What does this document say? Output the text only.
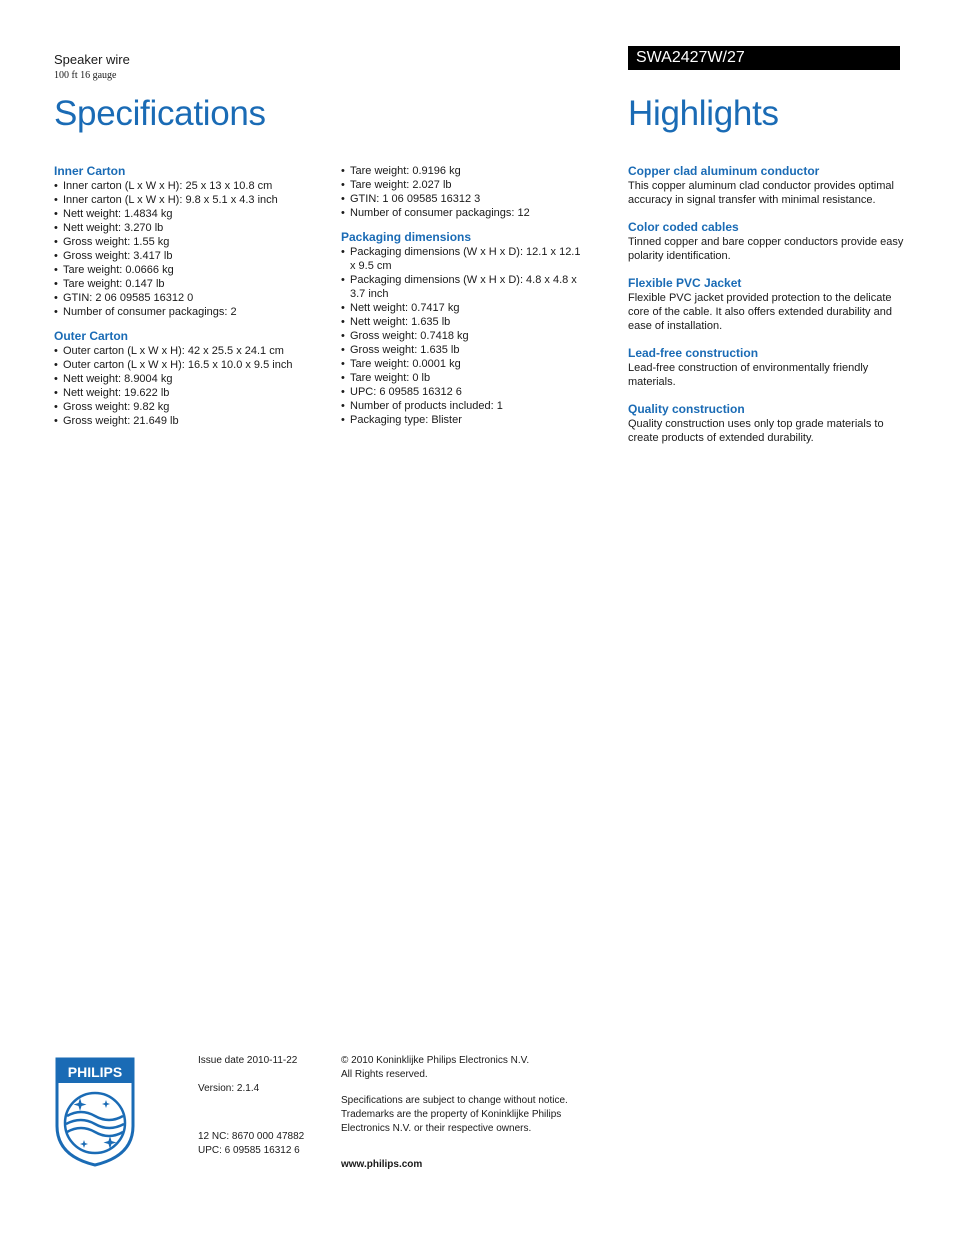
Speaker wire
100 ft 16 gauge
SWA2427W/27
Specifications	Highlights

Inner Carton

• Inner carton (L x W x H): 25 x 13 x 10.8 cm
• Inner carton (L x W x H): 9.8 x 5.1 x 4.3 inch
• Nett weight: 1.4834 kg
• Nett weight: 3.270 lb
• Gross weight: 1.55 kg
• Gross weight: 3.417 lb
• Tare weight: 0.0666 kg
• Tare weight: 0.147 lb
• GTIN: 2 06 09585 16312 0
• Number of consumer packagings: 2

Outer Carton

• Outer carton (L x W x H): 42 x 25.5 x 24.1 cm
• Outer carton (L x W x H): 16.5 x 10.0 x 9.5 inch
• Nett weight: 8.9004 kg
• Nett weight: 19.622 lb
• Gross weight: 9.82 kg
• Gross weight: 21.649 lb
• Tare weight: 0.9196 kg
• Tare weight: 2.027 lb
• GTIN: 1 06 09585 16312 3
• Number of consumer packagings: 12

Packaging dimensions

• Packaging dimensions (W x H x D): 12.1 x 12.1 x 9.5 cm
• Packaging dimensions (W x H x D): 4.8 x 4.8 x 3.7 inch
• Nett weight: 0.7417 kg
• Nett weight: 1.635 lb
• Gross weight: 0.7418 kg
• Gross weight: 1.635 lb
• Tare weight: 0.0001 kg
• Tare weight: 0 lb
• UPC: 6 09585 16312 6
• Number of products included: 1
• Packaging type: Blister

Copper clad aluminum conductor

This copper aluminum clad conductor provides optimal accuracy in signal transfer with minimal resistance.

Color coded cables

Tinned copper and bare copper conductors provide easy polarity identification.

Flexible PVC Jacket

Flexible PVC jacket provided protection to the delicate core of the cable. It also offers extended durability and ease of installation.

Lead-free construction

Lead-free construction of environmentally friendly materials.

Quality construction

Quality construction uses only top grade materials to create products of extended durability.

PHILIPS
Issue date 2010-11-22
Version: 2.1.4
12 NC: 8670 000 47882
UPC: 6 09585 16312 6
© 2010 Koninklijke Philips Electronics N.V.
All Rights reserved.
Specifications are subject to change without notice.
Trademarks are the property of Koninklijke Philips
Electronics N.V. or their respective owners.
www.philips.com
